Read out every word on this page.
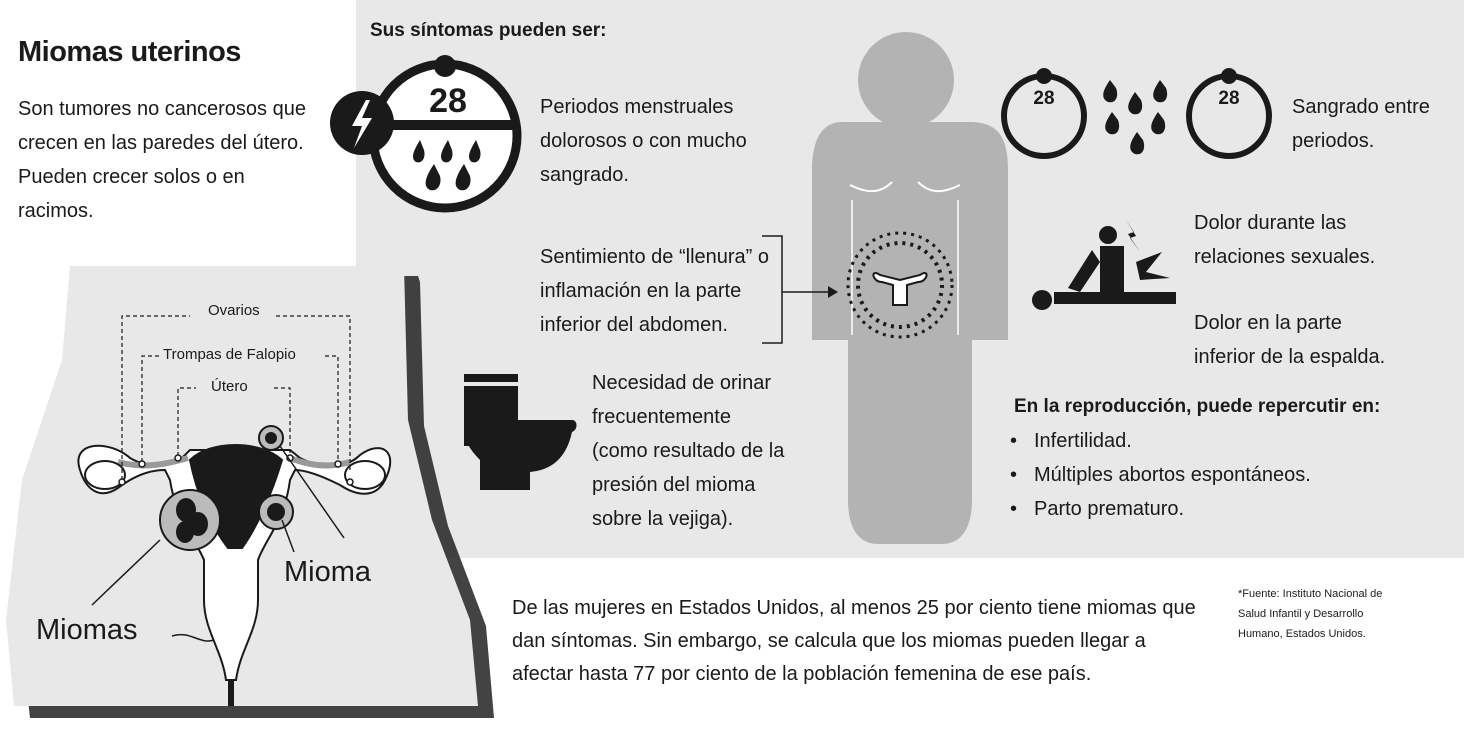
Miomas uterinos
Son tumores no cancerosos que crecen en las paredes del útero. Pueden crecer solos o en racimos.
Sus síntomas pueden ser:
28	28	28
Periodos menstruales dolorosos o con mucho sangrado.
Sentimiento de “llenura” o inflamación en la parte inferior del abdomen.
Necesidad de orinar frecuentemente (como resultado de la presión del mioma sobre la vejiga).
Sangrado entre periodos.
Dolor durante las relaciones sexuales.
Dolor en la parte inferior de la espalda.
En la reproducción, puede repercutir en:
• Infertilidad.
• Múltiples abortos espontáneos.
• Parto prematuro.
Ovarios
Trompas de Falopio
Útero
Mioma
Miomas
De las mujeres en Estados Unidos, al menos 25 por ciento tiene miomas que dan síntomas. Sin embargo, se calcula que los miomas pueden llegar a afectar hasta 77 por ciento de la población femenina de ese país.
*Fuente: Instituto Nacional de Salud Infantil y Desarrollo Humano, Estados Unidos.
